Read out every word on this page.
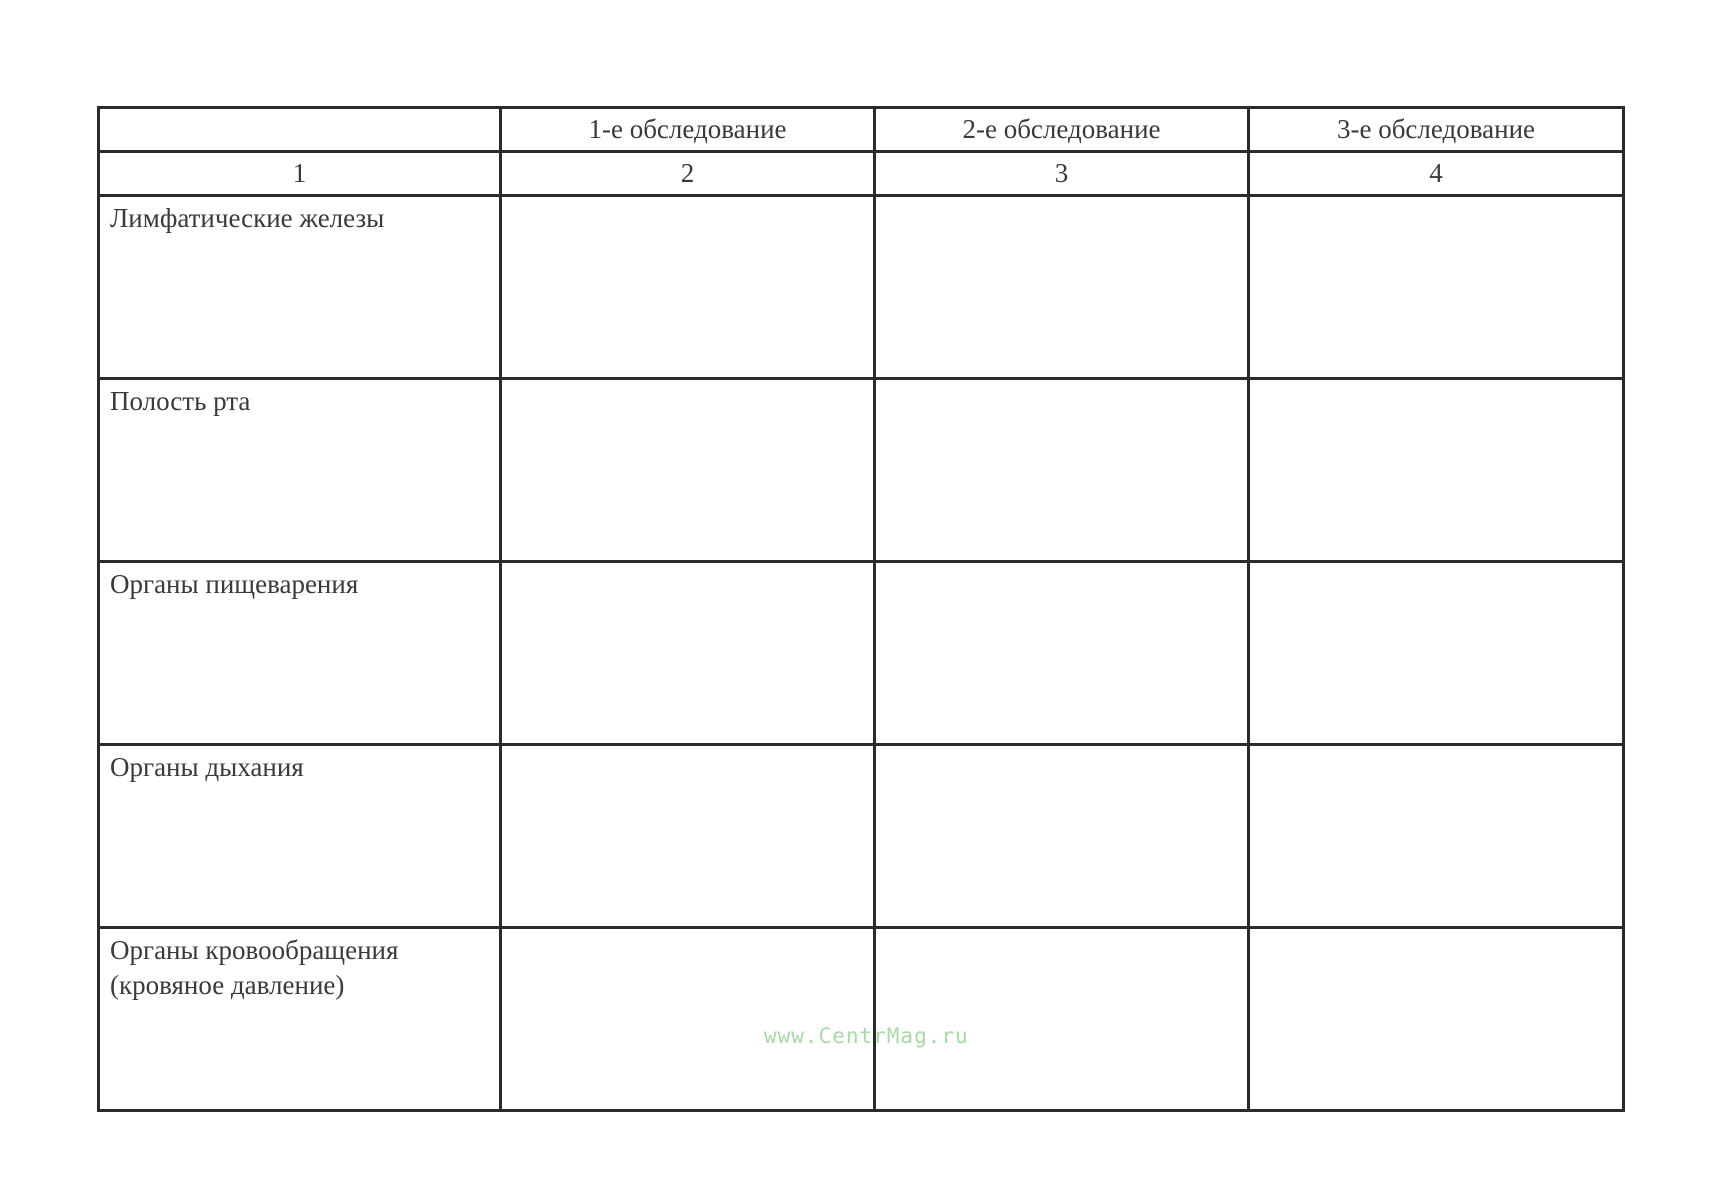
	1-е обследование	2-е обследование	3-е обследование
1	2	3	4

Лимфатические железы			

Полость рта			

Органы пищеварения			

Органы дыхания			

Органы кровообращения (кровяное давление)			

www.CentrMag.ru
